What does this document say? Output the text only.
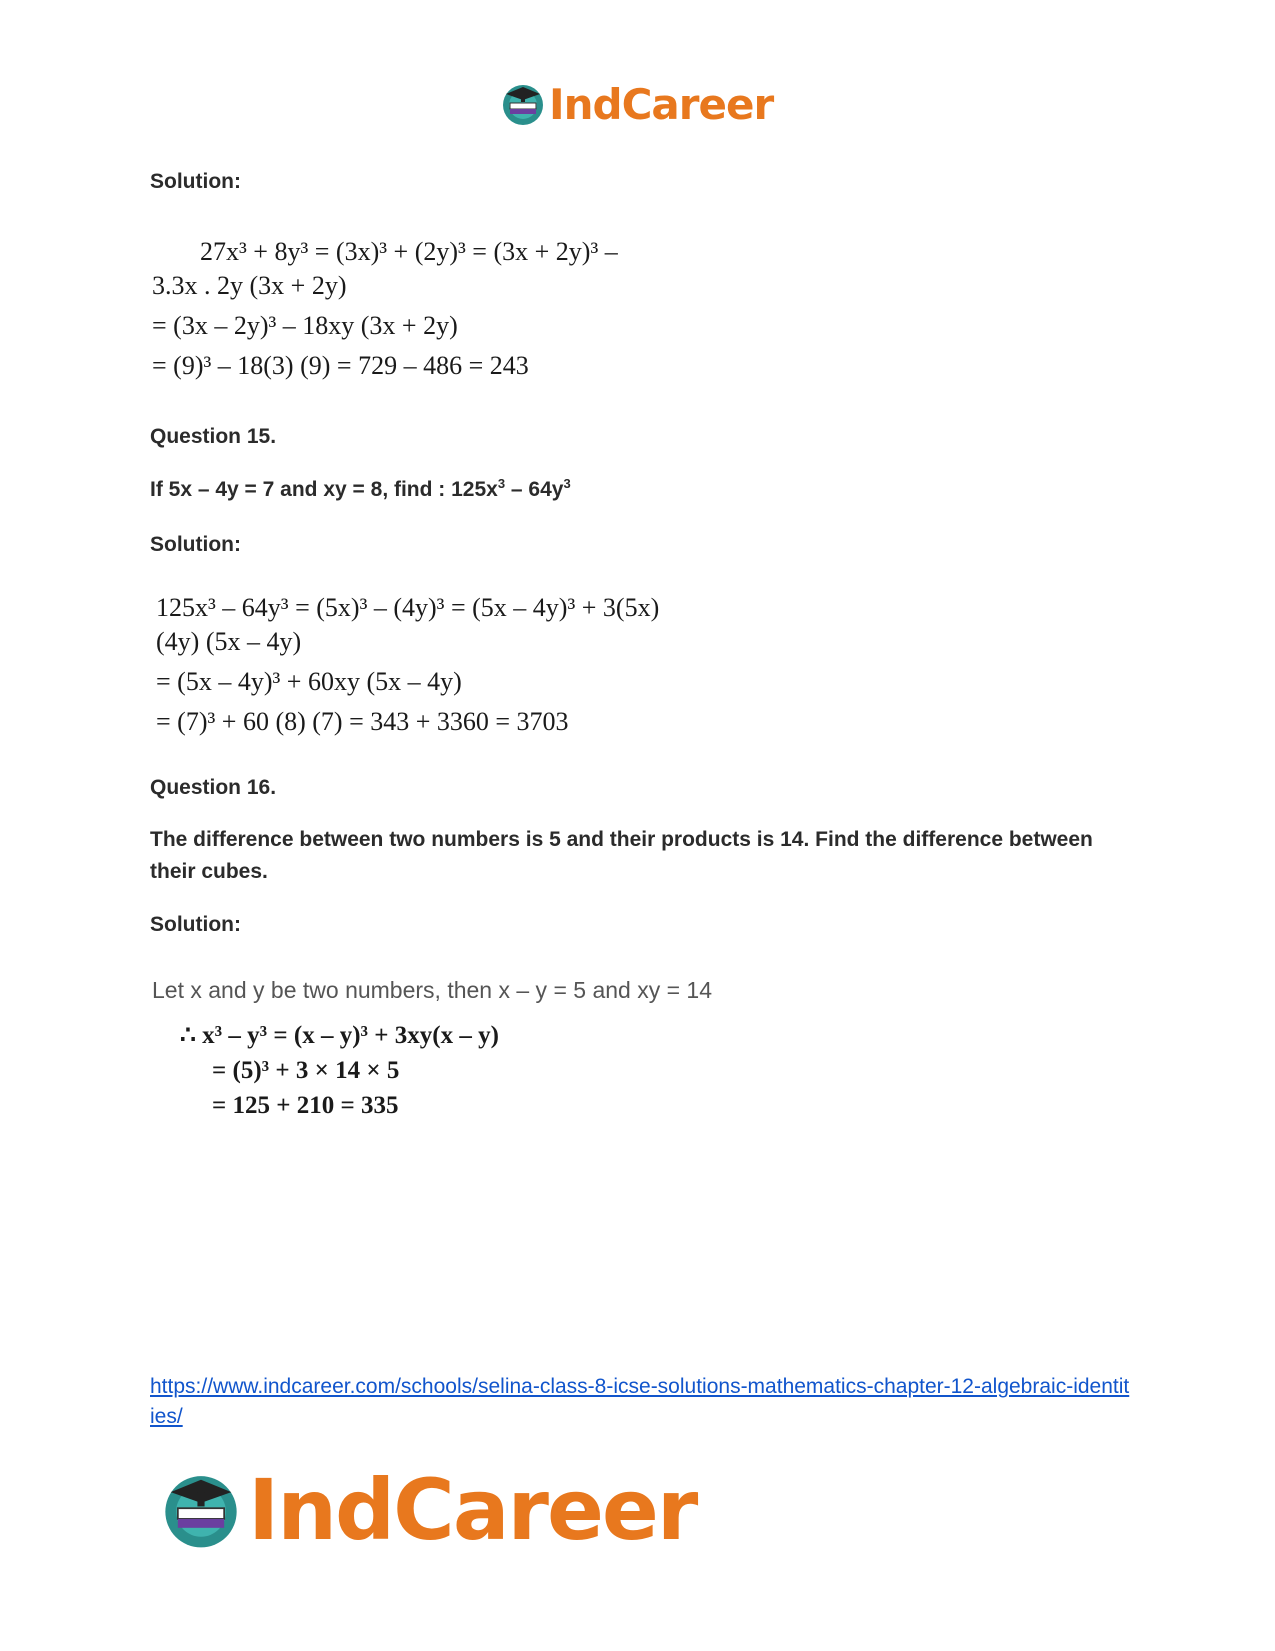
IndCareer
Solution:
27x³ + 8y³ = (3x)³ + (2y)³ = (3x + 2y)³ –
3.3x . 2y (3x + 2y)
= (3x – 2y)³ – 18xy (3x + 2y)
= (9)³ – 18(3) (9) = 729 – 486 = 243
Question 15.
If 5x – 4y = 7 and xy = 8, find : $125x^3 - 64y^3$
Solution:
125x³ – 64y³ = (5x)³ – (4y)³ = (5x – 4y)³ + 3(5x)
(4y) (5x – 4y)
= (5x – 4y)³ + 60xy (5x – 4y)
= (7)³ + 60 (8) (7) = 343 + 3360 = 3703
Question 16.
The difference between two numbers is 5 and their products is 14. Find the difference between their cubes.
Solution:
Let x and y be two numbers, then x – y = 5 and xy = 14
∴ x³ – y³ = (x – y)³ + 3xy(x – y)
= (5)³ + 3 × 14 × 5
= 125 + 210 = 335
https://www.indcareer.com/schools/selina-class-8-icse-solutions-mathematics-chapter-12-algebraic-identities/
IndCareer
